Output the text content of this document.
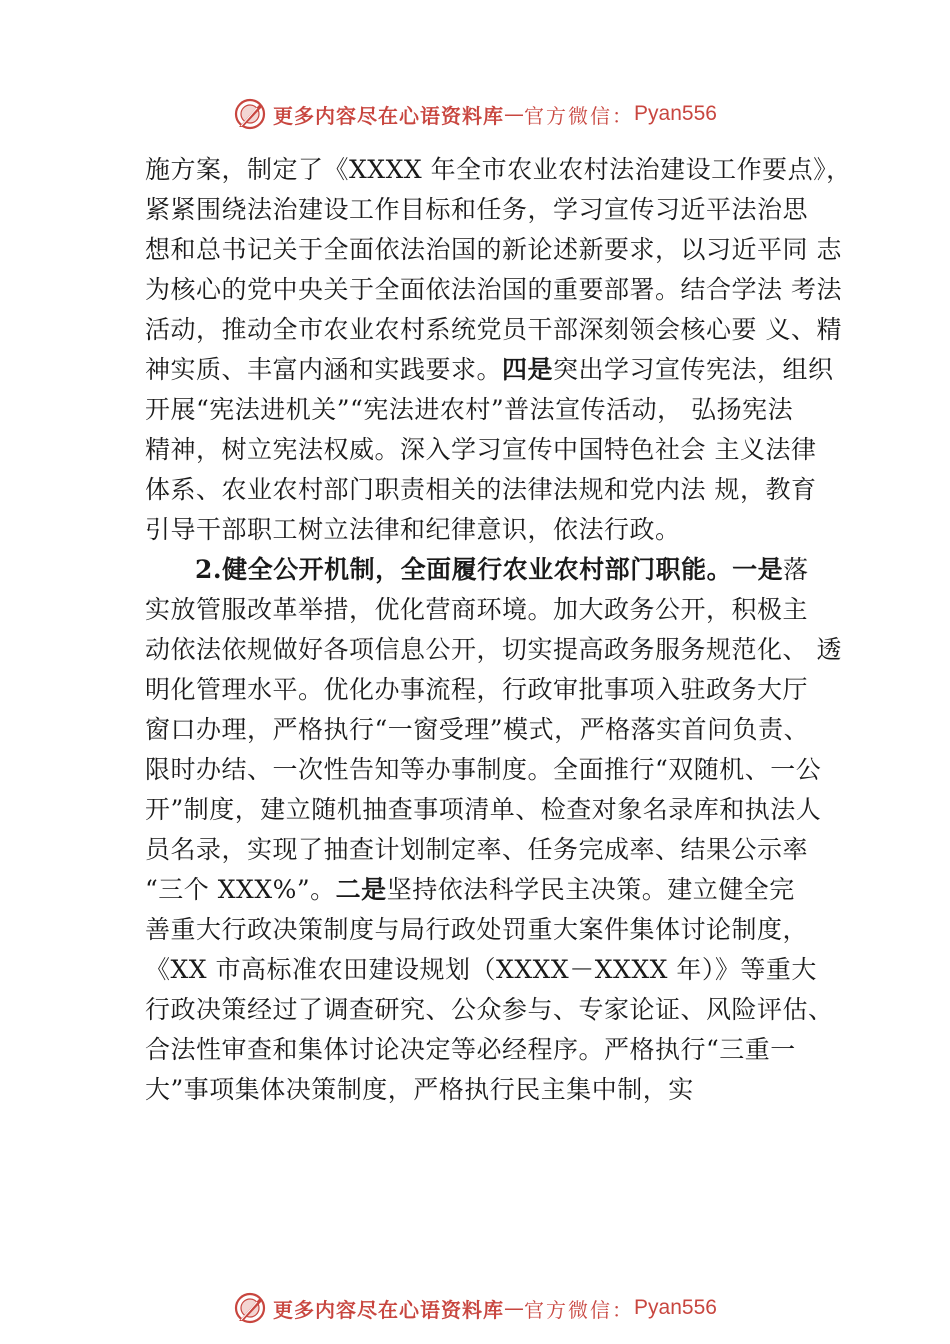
更多内容尽在心语资料库 — 官方微信： Pyan556
施方案，制定了《XXXX 年全市农业农村法治建设工作要点》，
紧紧围绕法治建设工作目标和任务，学习宣传习近平法治思
想和总书记关于全面依法治国的新论述新要求，以习近平同 志
为核心的党中央关于全面依法治国的重要部署。结合学法 考法
活动，推动全市农业农村系统党员干部深刻领会核心要 义、精
神实质、丰富内涵和实践要求。四是突出学习宣传宪法，组织
开展“宪法进机关”“宪法进农村”普法宣传活动， 弘扬宪法
精神，树立宪法权威。深入学习宣传中国特色社会 主义法律
体系、农业农村部门职责相关的法律法规和党内法 规，教育
引导干部职工树立法律和纪律意识，依法行政。
2.健全公开机制，全面履行农业农村部门职能。一是落
实放管服改革举措，优化营商环境。加大政务公开，积极主
动依法依规做好各项信息公开，切实提高政务服务规范化、 透
明化管理水平。优化办事流程，行政审批事项入驻政务大厅
窗口办理，严格执行“一窗受理”模式，严格落实首问负责、
限时办结、一次性告知等办事制度。全面推行“双随机、一公
开”制度，建立随机抽查事项清单、检查对象名录库和执法人
员名录，实现了抽查计划制定率、任务完成率、结果公示率
“三个 XXX%”。二是坚持依法科学民主决策。建立健全完
善重大行政决策制度与局行政处罚重大案件集体讨论制度，
《XX 市高标准农田建设规划（XXXX－XXXX 年）》等重大
行政决策经过了调查研究、公众参与、专家论证、风险评估、
合法性审查和集体讨论决定等必经程序。严格执行“三重一
大”事项集体决策制度，严格执行民主集中制，实
更多内容尽在心语资料库 — 官方微信： Pyan556
